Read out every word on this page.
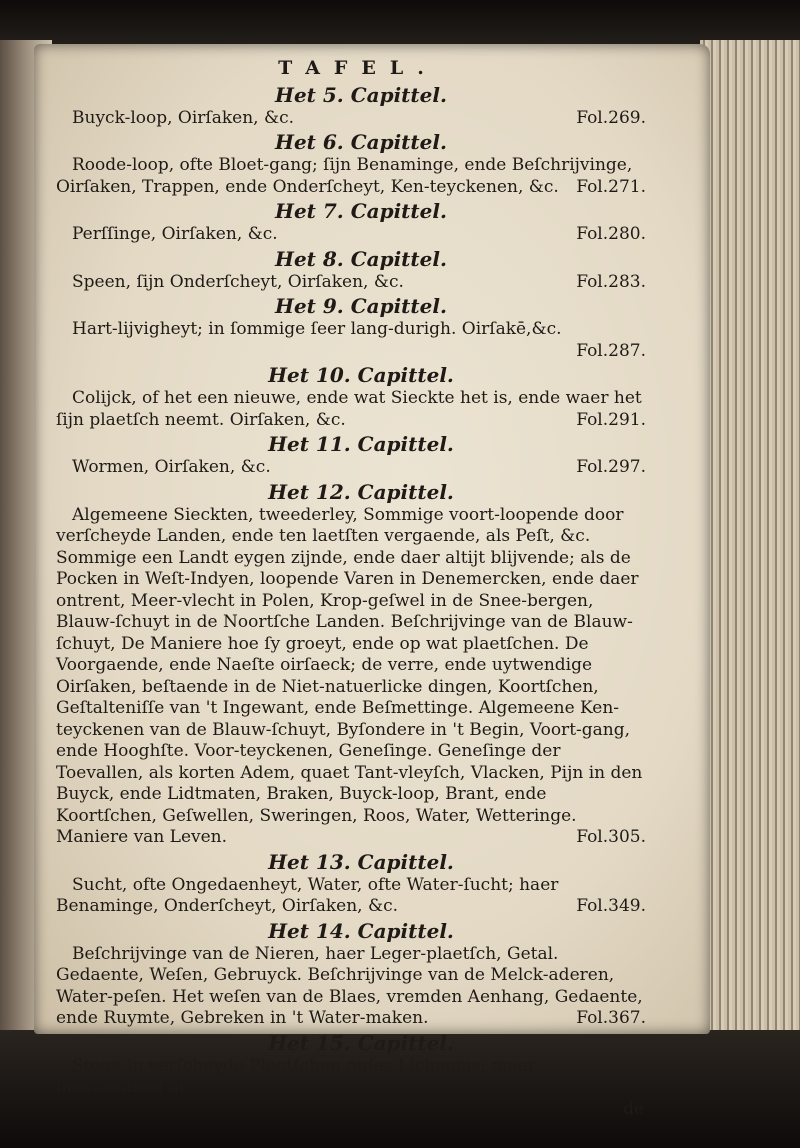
TAFEL.
Het 5. Capittel.
Buyck-loop, Oirſaken, &c.	Fol.269.
Het 6. Capittel.
Roode-loop, ofte Bloet-gang; ſijn Benaminge, ende Beſchrijvinge, Oirſaken, Trappen, ende Onderſcheyt, Ken-teyckenen, &c.	Fol.271.
Het 7. Capittel.
Perſſinge, Oirſaken, &c.	Fol.280.
Het 8. Capittel.
Speen, ſijn Onderſcheyt, Oirſaken, &c.	Fol.283.
Het 9. Capittel.
Hart-lijvigheyt; in ſommige ſeer lang-durigh. Oirſakē,&c.
Fol.287.
Het 10. Capittel.
Colijck, of het een nieuwe, ende wat Sieckte het is, ende waer het ſijn plaetſch neemt. Oirſaken, &c.	Fol.291.
Het 11. Capittel.
Wormen, Oirſaken, &c.	Fol.297.
Het 12. Capittel.
Algemeene Sieckten, tweederley, Sommige voort-loopende door verſcheyde Landen, ende ten laetſten vergaende, als Peſt, &c. Sommige een Landt eygen zijnde, ende daer altijt blijvende; als de Pocken in Weſt-Indyen, loopende Varen in Denemercken, ende daer ontrent, Meer-vlecht in Polen, Krop-geſwel in de Snee-bergen, Blauw-ſchuyt in de Noortſche Landen. Beſchrijvinge van de Blauw-ſchuyt, De Maniere hoe ſy groeyt, ende op wat plaetſchen. De Voorgaende, ende Naeſte oirſaeck; de verre, ende uytwendige Oirſaken, beſtaende in de Niet-natuerlicke dingen, Koortſchen, Geſtalteniſſe van 't Ingewant, ende Beſmettinge. Algemeene Ken-teyckenen van de Blauw-ſchuyt, Byſondere in 't Begin, Voort-gang, ende Hooghſte. Voor-teyckenen, Geneſinge. Geneſinge der Toevallen, als korten Adem, quaet Tant-vleyſch, Vlacken, Pijn in den Buyck, ende Lidtmaten, Braken, Buyck-loop, Brant, ende Koortſchen, Geſwellen, Sweringen, Roos, Water, Wetteringe. Maniere van Leven.	Fol.305.
Het 13. Capittel.
Sucht, ofte Ongedaenheyt, Water, ofte Water-ſucht; haer Benaminge, Onderſcheyt, Oirſaken, &c.	Fol.349.
Het 14. Capittel.
Beſchrijvinge van de Nieren, haer Leger-plaetſch, Getal. Gedaente, Weſen, Gebruyck. Beſchrijvinge van de Melck-aderen, Water-peſen. Het weſen van de Blaes, vremden Aenhang, Gedaente, ende Ruymte, Gebreken in 't Water-maken.	Fol.367.
Het 15. Capittel.
Steen in verſcheyde Plaetſchen onſes Lichaems; maer meeſtendeel in
de
